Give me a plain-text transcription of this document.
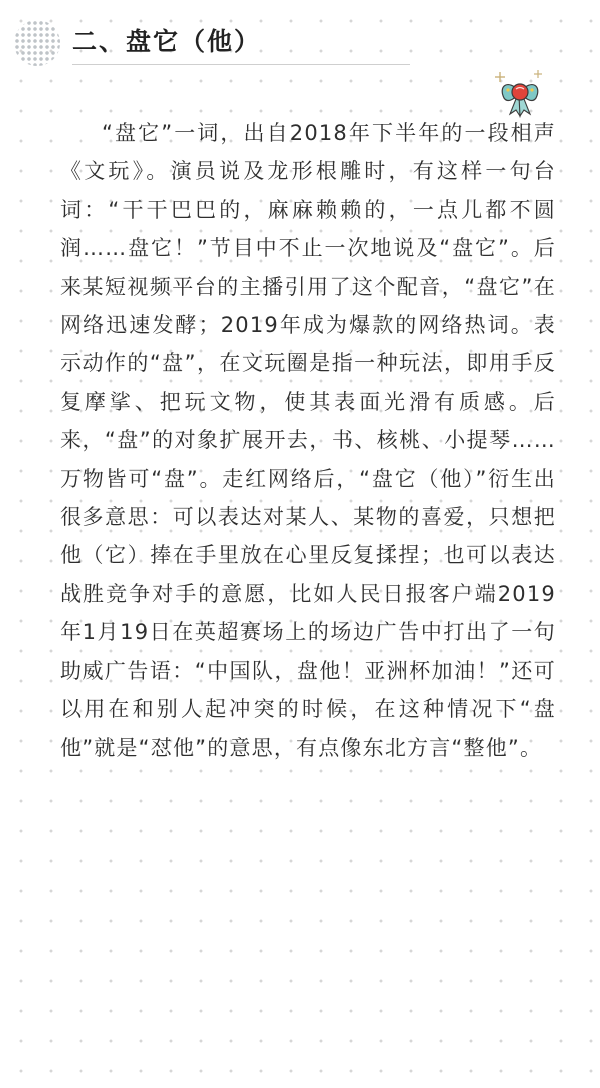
二、盘它（他）

“盘它”一词，出自2018年下半年的一段相声《文玩》。演员说及龙形根雕时，有这样一句台词：“干干巴巴的，麻麻赖赖的，一点儿都不圆润……盘它！”节目中不止一次地说及“盘它”。后来某短视频平台的主播引用了这个配音，“盘它”在网络迅速发酵；2019年成为爆款的网络热词。表示动作的“盘”，在文玩圈是指一种玩法，即用手反复摩挲、把玩文物，使其表面光滑有质感。后来，“盘”的对象扩展开去，书、核桃、小提琴……万物皆可“盘”。走红网络后，“盘它（他）”衍生出很多意思：可以表达对某人、某物的喜爱，只想把他（它）捧在手里放在心里反复揉捏；也可以表达战胜竞争对手的意愿，比如人民日报客户端2019年1月19日在英超赛场上的场边广告中打出了一句助威广告语：“中国队，盘他！亚洲杯加油！”还可以用在和别人起冲突的时候，在这种情况下“盘他”就是“怼他”的意思，有点像东北方言“整他”。
